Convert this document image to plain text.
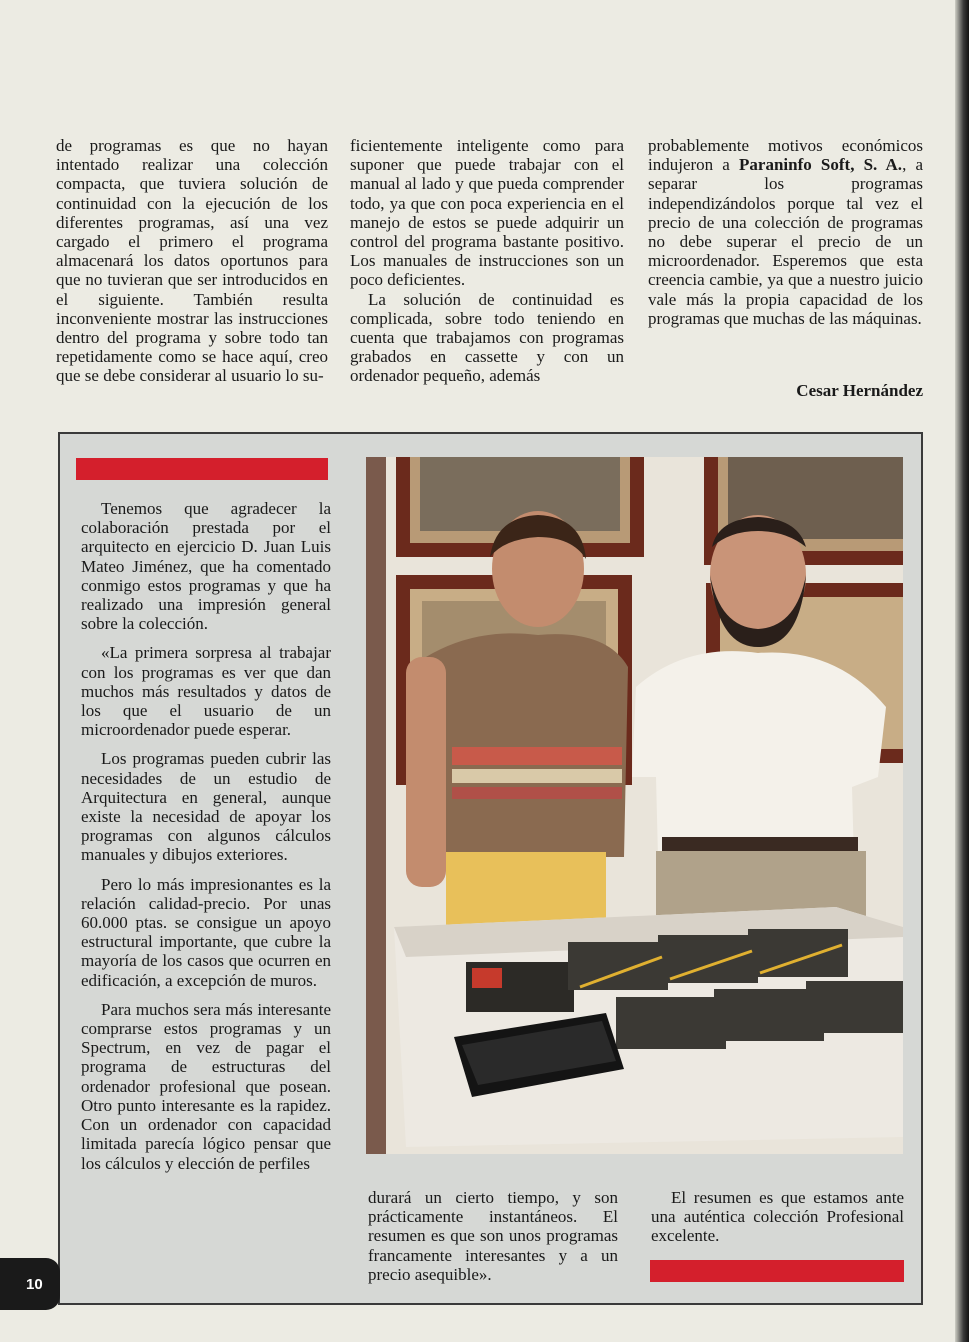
de programas es que no hayan intentado realizar una colección compacta, que tuviera solución de continuidad con la ejecución de los diferentes programas, así una vez cargado el primero el programa almacenará los datos oportunos para que no tuvieran que ser introducidos en el siguiente. También resulta inconveniente mostrar las instrucciones dentro del programa y sobre todo tan repetidamente como se hace aquí, creo que se debe considerar al usuario lo su-

ficientemente inteligente como para suponer que puede trabajar con el manual al lado y que pueda comprender todo, ya que con poca experiencia en el manejo de estos se puede adquirir un control del programa bastante positivo. Los manuales de instrucciones son un poco deficientes.

La solución de continuidad es complicada, sobre todo teniendo en cuenta que trabajamos con programas grabados en cassette y con un ordenador pequeño, además

probablemente motivos económicos indujeron a Paraninfo Soft, S. A., a separar los programas independizándolos porque tal vez el precio de una colección de programas no debe superar el precio de un microordenador. Esperemos que esta creencia cambie, ya que a nuestro juicio vale más la propia capacidad de los programas que muchas de las máquinas.

Cesar Hernández

Tenemos que agradecer la colaboración prestada por el arquitecto en ejercicio D. Juan Luis Mateo Jiménez, que ha comentado conmigo estos programas y que ha realizado una impresión general sobre la colección.

«La primera sorpresa al trabajar con los programas es ver que dan muchos más resultados y datos de los que el usuario de un microordenador puede esperar.

Los programas pueden cubrir las necesidades de un estudio de Arquitectura en general, aunque existe la necesidad de apoyar los programas con algunos cálculos manuales y dibujos exteriores.

Pero lo más impresionantes es la relación calidad-precio. Por unas 60.000 ptas. se consigue un apoyo estructural importante, que cubre la mayoría de los casos que ocurren en edificación, a excepción de muros.

Para muchos sera más interesante comprarse estos programas y un Spectrum, en vez de pagar el programa de estructuras del ordenador profesional que posean. Otro punto interesante es la rapidez. Con un ordenador con capacidad limitada parecía lógico pensar que los cálculos y elección de perfiles

durará un cierto tiempo, y son prácticamente instantáneos. El resumen es que son unos programas francamente interesantes y a un precio asequible».

El resumen es que estamos ante una auténtica colección Profesional excelente.

10
